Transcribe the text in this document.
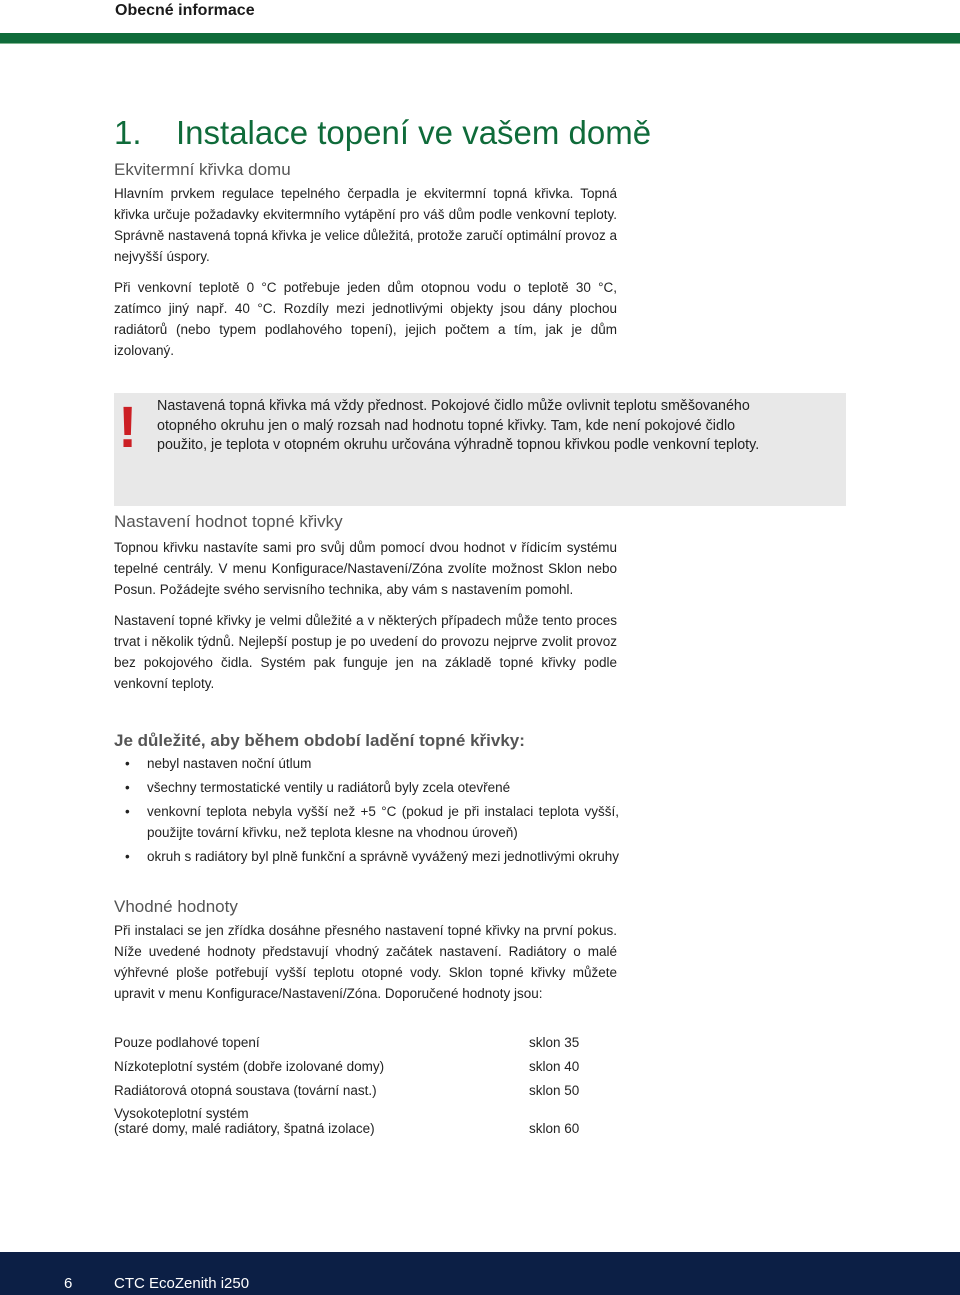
Obecné informace
1. Instalace topení ve vašem domě
Ekvitermní křivka domu

Hlavním prvkem regulace tepelného čerpadla je ekvitermní topná křivka. Topná křivka určuje požadavky ekvitermního vytápění pro váš dům podle venkovní teploty. Správně nastavená topná křivka je velice důležitá, protože zaručí optimální provoz a nejvyšší úspory.

Při venkovní teplotě 0 °C potřebuje jeden dům otopnou vodu o teplotě 30 °C, zatímco jiný např. 40 °C. Rozdíly mezi jednotlivými objekty jsou dány plochou radiátorů (nebo typem podlahového topení), jejich počtem a tím, jak je dům izolovaný.

! Nastavená topná křivka má vždy přednost. Pokojové čidlo může ovlivnit teplotu směšovaného otopného okruhu jen o malý rozsah nad hodnotu topné křivky. Tam, kde není pokojové čidlo použito, je teplota v otopném okruhu určována výhradně topnou křivkou podle venkovní teploty.
Nastavení hodnot topné křivky

Topnou křivku nastavíte sami pro svůj dům pomocí dvou hodnot v řídicím systému tepelné centrály. V menu Konfigurace/Nastavení/Zóna zvolíte možnost Sklon nebo Posun. Požádejte svého servisního technika, aby vám s nastavením pomohl.

Nastavení topné křivky je velmi důležité a v některých případech může tento proces trvat i několik týdnů. Nejlepší postup je po uvedení do provozu nejprve zvolit provoz bez pokojového čidla. Systém pak funguje jen na základě topné křivky podle venkovní teploty.

Je důležité, aby během období ladění topné křivky:
• nebyl nastaven noční útlum
• všechny termostatické ventily u radiátorů byly zcela otevřené
• venkovní teplota nebyla vyšší než +5 °C (pokud je při instalaci teplota vyšší, použijte tovární křivku, než teplota klesne na vhodnou úroveň)
• okruh s radiátory byl plně funkční a správně vyvážený mezi jednotlivými okruhy
Vhodné hodnoty
Při instalaci se jen zřídka dosáhne přesného nastavení topné křivky na první pokus. Níže uvedené hodnoty představují vhodný začátek nastavení. Radiátory o malé výhřevné ploše potřebují vyšší teplotu otopné vody. Sklon topné křivky můžete upravit v menu Konfigurace/Nastavení/Zóna. Doporučené hodnoty jsou:
Pouze podlahové topení	sklon 35
Nízkoteplotní systém (dobře izolované domy)	sklon 40
Radiátorová otopná soustava (tovární nast.)	sklon 50
Vysokoteplotní systém
(staré domy, malé radiátory, špatná izolace)	sklon 60
6	CTC EcoZenith i250
